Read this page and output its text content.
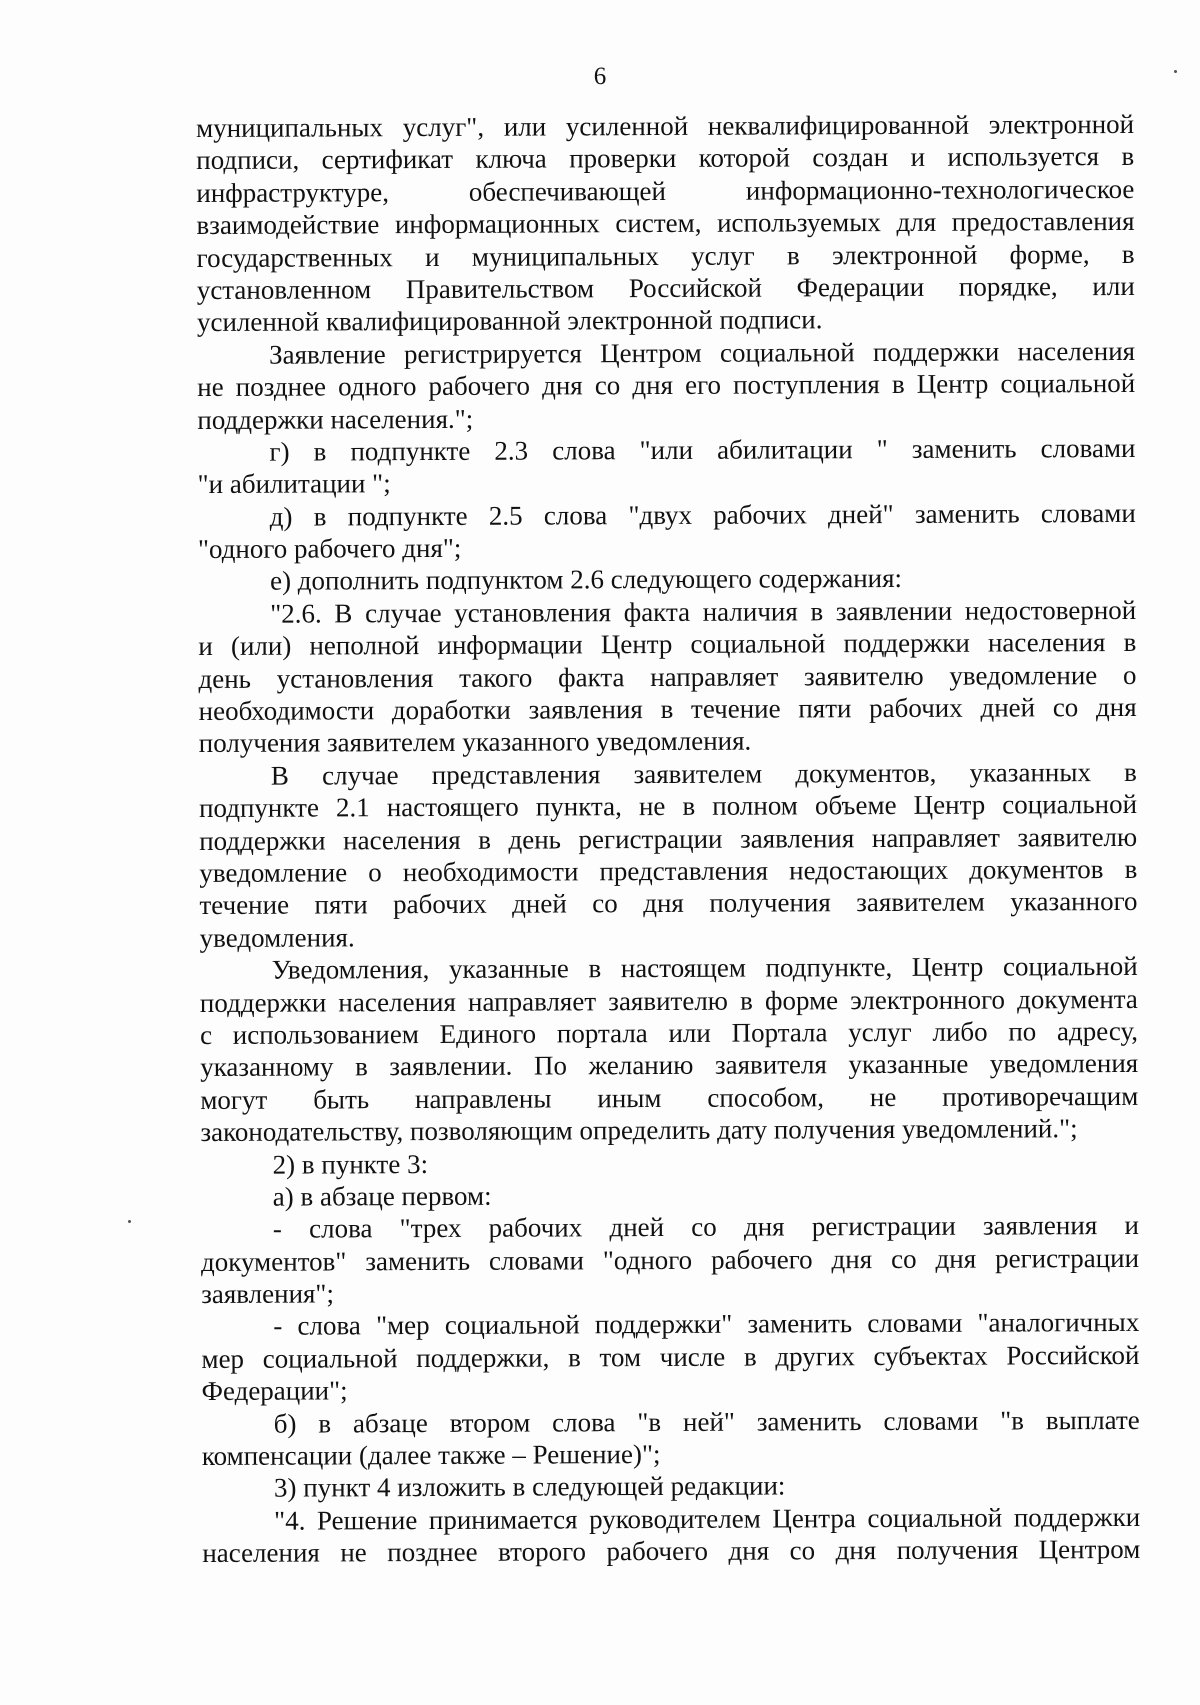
6
муниципальных услуг", или усиленной неквалифицированной электронной
подписи, сертификат ключа проверки которой создан и используется в
инфраструктуре, обеспечивающей информационно-технологическое
взаимодействие информационных систем, используемых для предоставления
государственных и муниципальных услуг в электронной форме, в
установленном Правительством Российской Федерации порядке, или
усиленной квалифицированной электронной подписи.
Заявление регистрируется Центром социальной поддержки населения
не позднее одного рабочего дня со дня его поступления в Центр социальной
поддержки населения.";
г) в подпункте 2.3 слова "или абилитации " заменить словами
"и абилитации ";
д) в подпункте 2.5 слова "двух рабочих дней" заменить словами
"одного рабочего дня";
е) дополнить подпунктом 2.6 следующего содержания:
"2.6. В случае установления факта наличия в заявлении недостоверной
и (или) неполной информации Центр социальной поддержки населения в
день установления такого факта направляет заявителю уведомление о
необходимости доработки заявления в течение пяти рабочих дней со дня
получения заявителем указанного уведомления.
В случае представления заявителем документов, указанных в
подпункте 2.1 настоящего пункта, не в полном объеме Центр социальной
поддержки населения в день регистрации заявления направляет заявителю
уведомление о необходимости представления недостающих документов в
течение пяти рабочих дней со дня получения заявителем указанного
уведомления.
Уведомления, указанные в настоящем подпункте, Центр социальной
поддержки населения направляет заявителю в форме электронного документа
с использованием Единого портала или Портала услуг либо по адресу,
указанному в заявлении. По желанию заявителя указанные уведомления
могут быть направлены иным способом, не противоречащим
законодательству, позволяющим определить дату получения уведомлений.";
2) в пункте 3:
а) в абзаце первом:
- слова "трех рабочих дней со дня регистрации заявления и
документов" заменить словами "одного рабочего дня со дня регистрации
заявления";
- слова "мер социальной поддержки" заменить словами "аналогичных
мер социальной поддержки, в том числе в других субъектах Российской
Федерации";
б) в абзаце втором слова "в ней" заменить словами "в выплате
компенсации (далее также – Решение)";
3) пункт 4 изложить в следующей редакции:
"4. Решение принимается руководителем Центра социальной поддержки
населения не позднее второго рабочего дня со дня получения Центром
